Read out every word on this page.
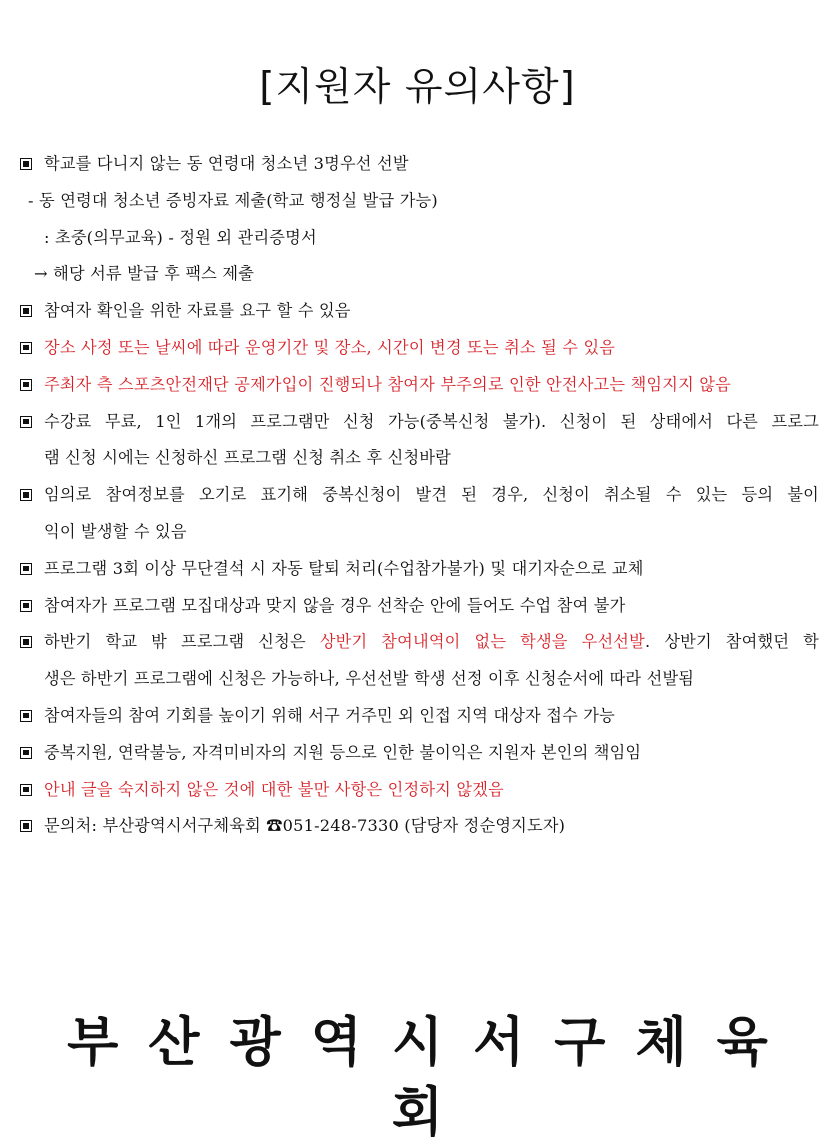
[지원자 유의사항]
학교를 다니지 않는 동 연령대 청소년 3명우선 선발
- 동 연령대 청소년 증빙자료 제출(학교 행정실 발급 가능)
: 초중(의무교육) - 정원 외 관리증명서
→ 해당 서류 발급 후 팩스 제출
참여자 확인을 위한 자료를 요구 할 수 있음
장소 사정 또는 날씨에 따라 운영기간 및 장소, 시간이 변경 또는 취소 될 수 있음
주최자 측 스포츠안전재단 공제가입이 진행되나 참여자 부주의로 인한 안전사고는 책임지지 않음
수강료 무료, 1인 1개의 프로그램만 신청 가능(중복신청 불가). 신청이 된 상태에서 다른 프로그
램 신청 시에는 신청하신 프로그램 신청 취소 후 신청바람
임의로 참여정보를 오기로 표기해 중복신청이 발견 된 경우, 신청이 취소될 수 있는 등의 불이
익이 발생할 수 있음
프로그램 3회 이상 무단결석 시 자동 탈퇴 처리(수업참가불가) 및 대기자순으로 교체
참여자가 프로그램 모집대상과 맞지 않을 경우 선착순 안에 들어도 수업 참여 불가
하반기 학교 밖 프로그램 신청은 상반기 참여내역이 없는 학생을 우선선발. 상반기 참여했던 학
생은 하반기 프로그램에 신청은 가능하나, 우선선발 학생 선정 이후 신청순서에 따라 선발됨
참여자들의 참여 기회를 높이기 위해 서구 거주민 외 인접 지역 대상자 접수 가능
중복지원, 연락불능, 자격미비자의 지원 등으로 인한 불이익은 지원자 본인의 책임임
안내 글을 숙지하지 않은 것에 대한 불만 사항은 인정하지 않겠음
문의처: 부산광역시서구체육회 ☎051-248-7330 (담당자 정순영지도자)
부산광역시서구체육회
